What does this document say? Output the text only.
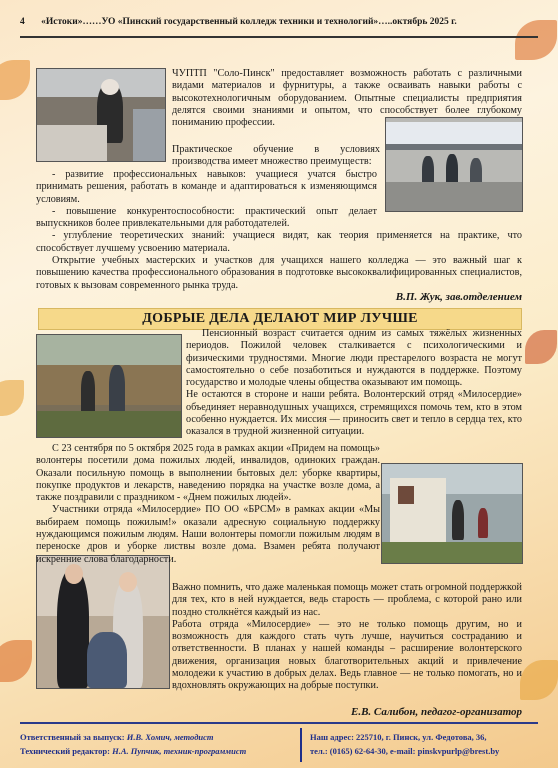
4 «Истоки»……УО «Пинский государственный колледж техники и технологий»…..октябрь 2025 г.

ЧУПТП "Соло-Пинск" предоставляет возможность работать с различными видами материалов и фурнитуры, а также осваивать навыки работы с высокотехнологичным оборудованием. Опытные специалисты предприятия делятся своими знаниями и опытом, что способствует более глубокому пониманию профессии.

Практическое обучение в условиях производства имеет множество преимуществ:

- развитие профессиональных навыков: учащиеся учатся быстро принимать решения, работать в команде и адаптироваться к изменяющимся условиям.

- повышение конкурентоспособности: практический опыт делает выпускников более привлекательными для работодателей.

- углубление теоретических знаний: учащиеся видят, как теория применяется на практике, что способствует лучшему усвоению материала.

Открытие учебных мастерских и участков для учащихся нашего колледжа — это важный шаг к повышению качества профессионального образования в подготовке высококвалифицированных специалистов, готовых к вызовам современного рынка труда.

В.П. Жук, зав.отделением
ДОБРЫЕ ДЕЛА ДЕЛАЮТ МИР ЛУЧШЕ

Пенсионный возраст считается одним из самых тяжёлых жизненных периодов. Пожилой человек сталкивается с психологическими и физическими трудностями. Многие люди престарелого возраста не могут самостоятельно о себе позаботиться и нуждаются в поддержке. Поэтому государство и молодые члены общества оказывают им помощь.

Не остаются в стороне и наши ребята. Волонтерский отряд «Милосердие» объединяет неравнодушных учащихся, стремящихся помочь тем, кто в этом особенно нуждается. Их миссия — приносить свет и тепло в сердца тех, кто оказался в трудной жизненной ситуации.

С 23 сентября по 5 октября 2025 года в рамках акции «Придем на помощь» волонтеры посетили дома пожилых людей, инвалидов, одиноких граждан. Оказали посильную помощь в выполнении бытовых дел: уборке квартиры, покупке продуктов и лекарств, наведению порядка на участке возле дома, а также поздравили с праздником - «Днем пожилых людей».

Участники отряда «Милосердие» ПО ОО «БРСМ» в рамках акции «Мы выбираем помощь пожилым!» оказали адресную социальную поддержку нуждающимся пожилым людям. Наши волонтеры помогли пожилым людям в переноске дров и уборке листвы возле дома. Взамен ребята получают искренние слова благодарности.

Важно помнить, что даже маленькая помощь может стать огромной поддержкой для тех, кто в ней нуждается, ведь старость — проблема, с которой рано или поздно столкнётся каждый из нас.

Работа отряда «Милосердие» — это не только помощь другим, но и возможность для каждого стать чуть лучше, научиться состраданию и ответственности. В планах у нашей команды – расширение волонтерского движения, организация новых благотворительных акций и привлечение молодежи к участию в добрых делах. Ведь главное — не только помогать, но и вдохновлять окружающих на добрые поступки.

Е.В. Салибон, педагог-организатор
Ответственный за выпуск: И.В. Хомич, методист
Технический редактор: Н.А. Пупчик, техник-программист
Наш адрес: 225710, г. Пинск, ул. Федотова, 36,
тел.: (0165) 62-64-30, e-mail: pinskvpurlp@brest.by
